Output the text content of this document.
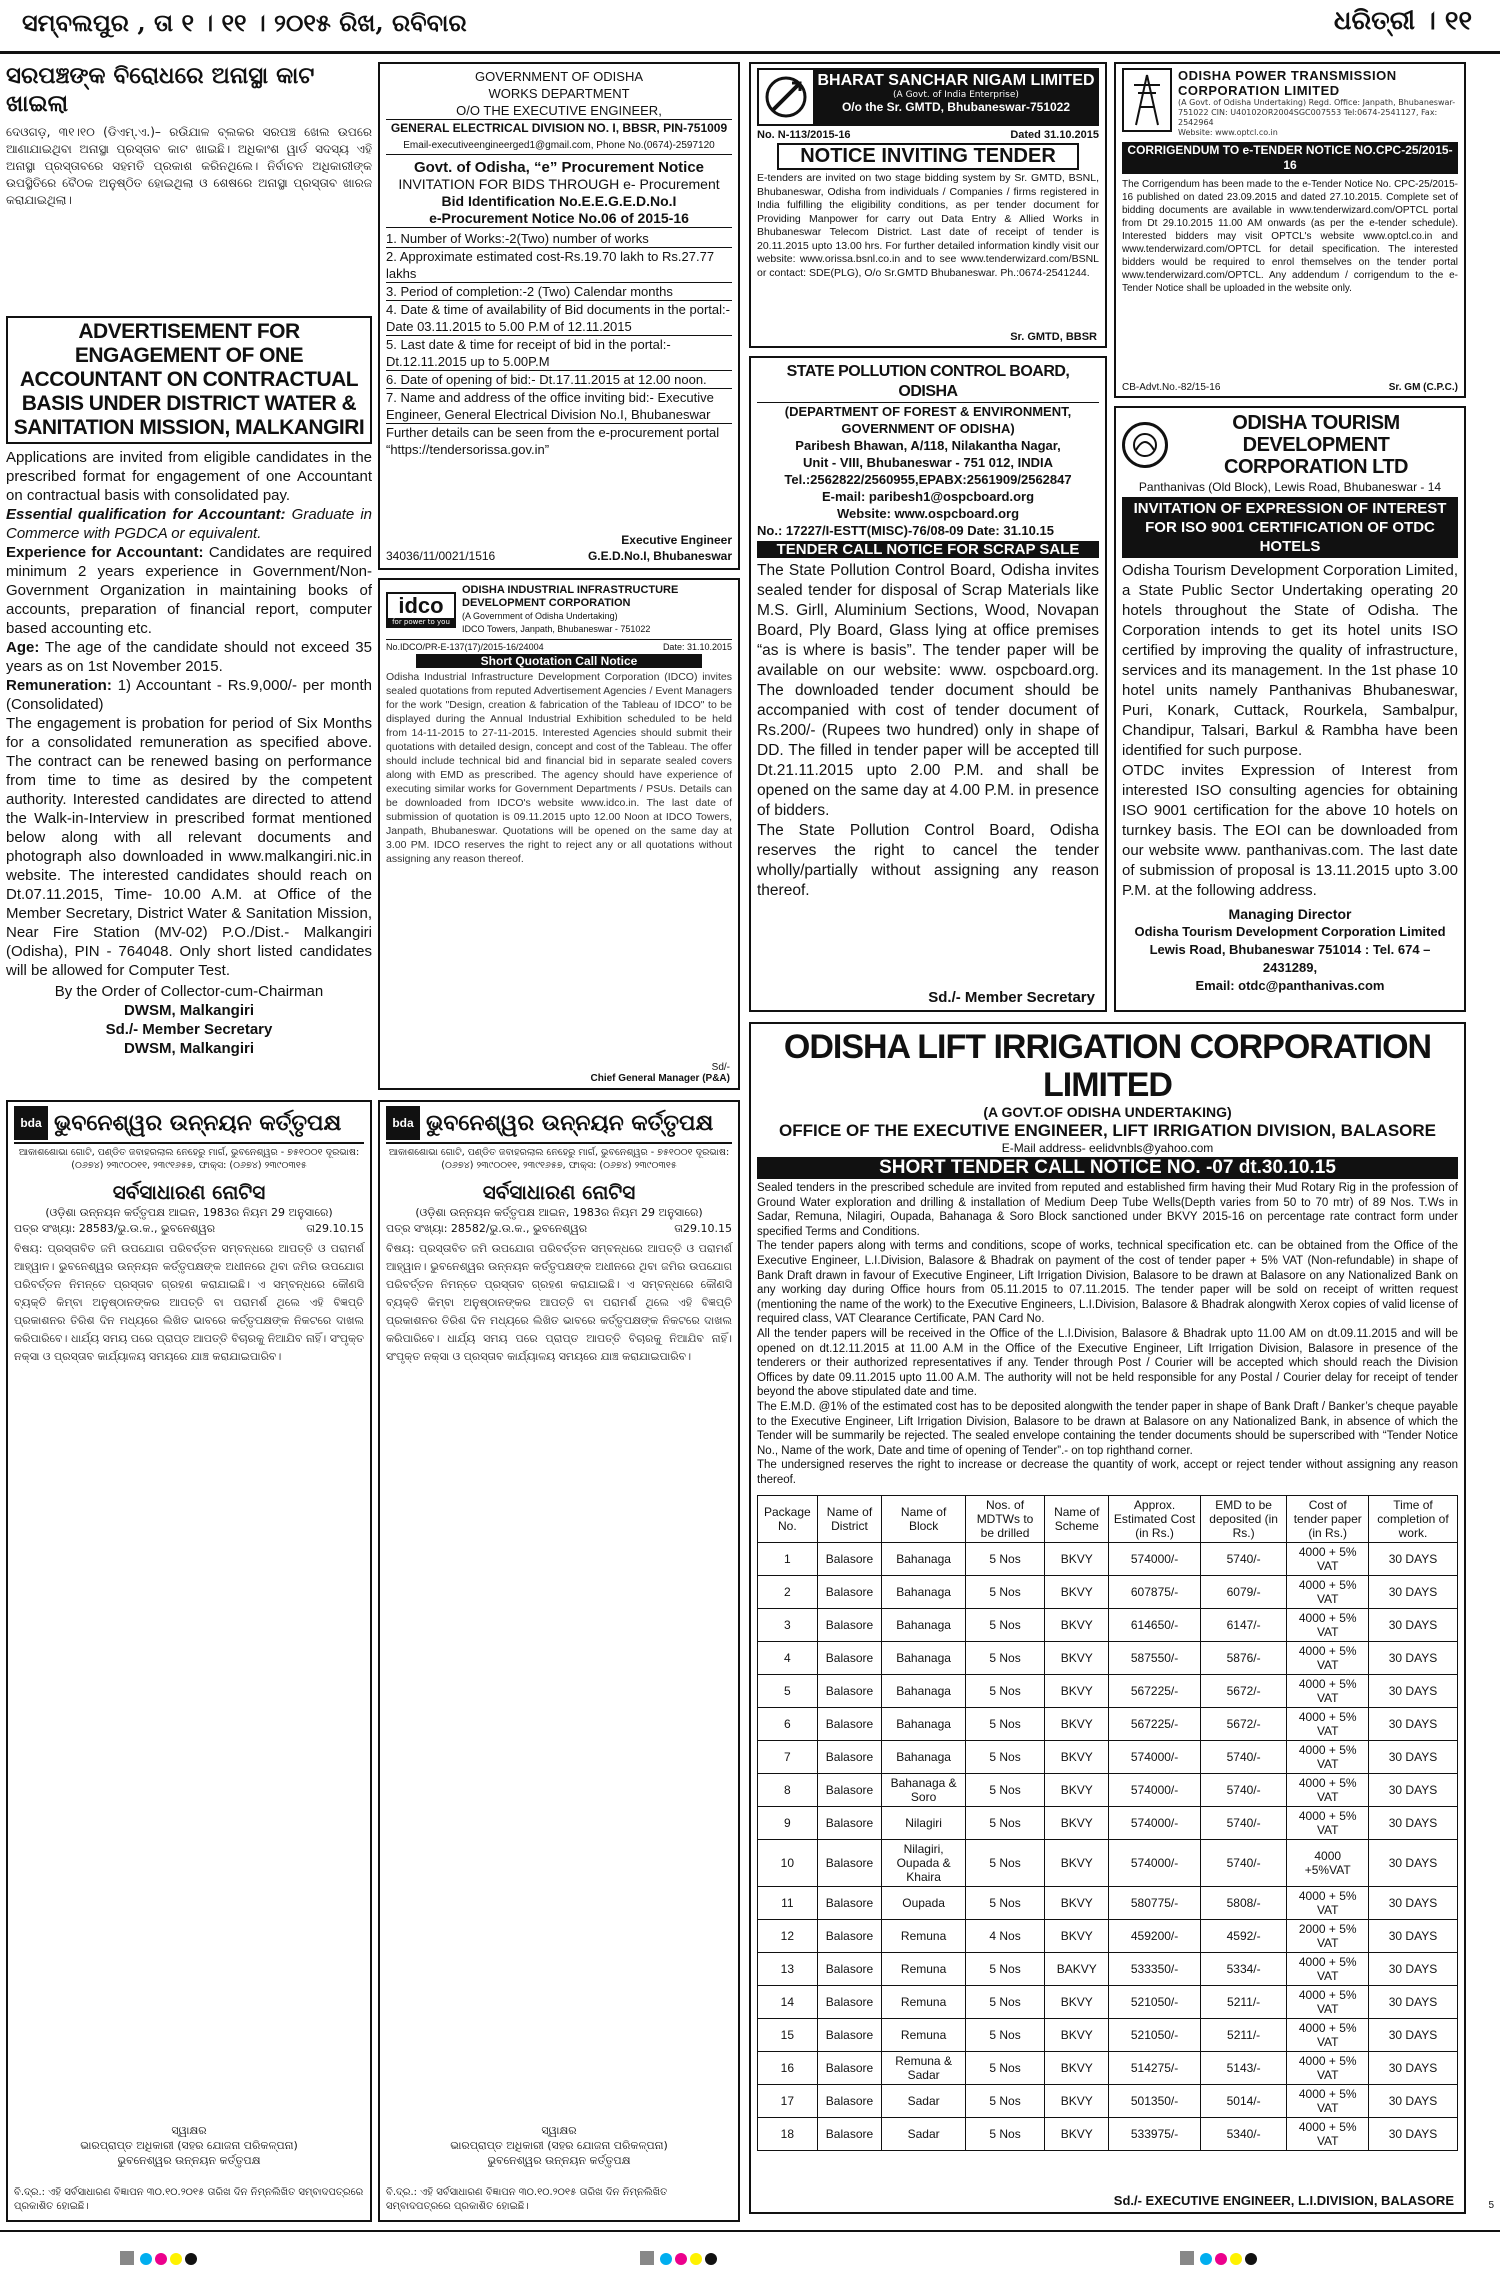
ସମ୍ବଲପୁର , ତା ୧ । ୧୧ । ୨୦୧୫ ରିଖ, ରବିବାର	ଧରିତ୍ରୀ । ୧୧
ସରପଞ୍ଚଙ୍କ ବିରୋଧରେ ଅନାସ୍ଥା କାଟ ଖାଇଲା
ଦେଓଗଡ଼, ୩୧।୧୦ (ଡିଏମ୍.ଏ.)– ରଉିଯାଳ ବ୍ଲକର ସରପଞ୍ଚ ଖେଲ ଉପରେ ଆଣାଯାଇଥିବା ଅନାସ୍ଥା ପ୍ରସ୍ତାବ କାଟ ଖାଇଛି। ଅଧିକାଂଶ ୱାର୍ଡ ସଦସ୍ୟ ଏହି ଅନାସ୍ଥା ପ୍ରସ୍ତାବରେ ସହମତି ପ୍ରକାଶ କରିନଥିଲେ। ନିର୍ବାଚନ ଅଧିକାରୀଙ୍କ ଉପସ୍ଥିତିରେ ବୈଠକ ଅନୁଷ୍ଠିତ ହୋଇଥିଲା ଓ ଶେଷରେ ଅନାସ୍ଥା ପ୍ରସ୍ତାବ ଖାରଜ କରାଯାଇଥିଲା।
ADVERTISEMENT FOR ENGAGEMENT OF ONE ACCOUNTANT ON CONTRACTUAL BASIS UNDER DISTRICT WATER & SANITATION MISSION, MALKANGIRI
Applications are invited from eligible candidates in the prescribed format for engagement of one Accountant on contractual basis with consolidated pay.
Essential qualification for Accountant: Graduate in Commerce with PGDCA or equivalent.
Experience for Accountant: Candidates are required minimum 2 years experience in Government/Non-Government Organization in maintaining books of accounts, preparation of financial report, computer based accounting etc.
Age: The age of the candidate should not exceed 35 years as on 1st November 2015.
Remuneration: 1) Accountant - Rs.9,000/- per month (Consolidated)
The engagement is probation for period of Six Months for a consolidated remuneration as specified above. The contract can be renewed basing on performance from time to time as desired by the competent authority. Interested candidates are directed to attend the Walk-in-Interview in prescribed format mentioned below along with all relevant documents and photograph also downloaded in www.malkangiri.nic.in website. The interested candidates should reach on Dt.07.11.2015, Time- 10.00 A.M. at Office of the Member Secretary, District Water & Sanitation Mission, Near Fire Station (MV-02) P.O./Dist.- Malkangiri (Odisha), PIN - 764048. Only short listed candidates will be allowed for Computer Test.
By the Order of Collector-cum-Chairman
DWSM, Malkangiri
Sd./- Member Secretary
DWSM, Malkangiri
GOVERNMENT OF ODISHA
WORKS DEPARTMENT
O/O THE EXECUTIVE ENGINEER,
GENERAL ELECTRICAL DIVISION NO. I, BBSR, PIN-751009
Email-executiveengineerged1@gmail.com, Phone No.(0674)-2597120
Govt. of Odisha, “e” Procurement Notice
INVITATION FOR BIDS THROUGH e- Procurement
Bid Identification No.E.E.G.E.D.No.I
e-Procurement Notice No.06 of 2015-16
1. Number of Works:-2(Two) number of works
2. Approximate estimated cost-Rs.19.70 lakh to Rs.27.77 lakhs
3. Period of completion:-2 (Two) Calendar months
4. Date & time of availability of Bid documents in the portal:- Date 03.11.2015 to 5.00 P.M of 12.11.2015
5. Last date & time for receipt of bid in the portal:- Dt.12.11.2015 up to 5.00P.M
6. Date of opening of bid:- Dt.17.11.2015 at 12.00 noon.
7. Name and address of the office inviting bid:- Executive Engineer, General Electrical Division No.I, Bhubaneswar
Further details can be seen from the e-procurement portal “https://tendersorissa.gov.in”
Executive Engineer
34036/11/0021/1516	G.E.D.No.I, Bhubaneswar
idco
for power to you
ODISHA INDUSTRIAL INFRASTRUCTURE
DEVELOPMENT CORPORATION
(A Government of Odisha Undertaking)
IDCO Towers, Janpath, Bhubaneswar - 751022
No.IDCO/PR-E-137(17)/2015-16/24004	Date: 31.10.2015
Short Quotation Call Notice
Odisha Industrial Infrastructure Development Corporation (IDCO) invites sealed quotations from reputed Advertisement Agencies / Event Managers for the work "Design, creation & fabrication of the Tableau of IDCO" to be displayed during the Annual Industrial Exhibition scheduled to be held from 14-11-2015 to 27-11-2015. Interested Agencies should submit their quotations with detailed design, concept and cost of the Tableau. The offer should include technical bid and financial bid in separate sealed covers along with EMD as prescribed. The agency should have experience of executing similar works for Government Departments / PSUs. Details can be downloaded from IDCO's website www.idco.in. The last date of submission of quotation is 09.11.2015 upto 12.00 Noon at IDCO Towers, Janpath, Bhubaneswar. Quotations will be opened on the same day at 3.00 PM. IDCO reserves the right to reject any or all quotations without assigning any reason thereof.
Sd/-
Chief General Manager (P&A)
BHARAT SANCHAR NIGAM LIMITED
(A Govt. of India Enterprise)
O/o the Sr. GMTD, Bhubaneswar-751022
No. N-113/2015-16	Dated 31.10.2015
NOTICE INVITING TENDER
E-tenders are invited on two stage bidding system by Sr. GMTD, BSNL, Bhubaneswar, Odisha from individuals / Companies / firms registered in India fulfilling the eligibility conditions, as per tender document for Providing Manpower for carry out Data Entry & Allied Works in Bhubaneswar Telecom District. Last date of receipt of tender is 20.11.2015 upto 13.00 hrs. For further detailed information kindly visit our website: www.orissa.bsnl.co.in and to see www.tenderwizard.com/BSNL or contact: SDE(PLG), O/o Sr.GMTD Bhubaneswar. Ph.:0674-2541244.
Sr. GMTD, BBSR
STATE POLLUTION CONTROL BOARD, ODISHA
(DEPARTMENT OF FOREST & ENVIRONMENT, GOVERNMENT OF ODISHA)
Paribesh Bhawan, A/118, Nilakantha Nagar,
Unit - VIII, Bhubaneswar - 751 012, INDIA
Tel.:2562822/2560955,EPABX:2561909/2562847
E-mail: paribesh1@ospcboard.org
Website: www.ospcboard.org
No.: 17227/I-ESTT(MISC)-76/08-09 Date: 31.10.15
TENDER CALL NOTICE FOR SCRAP SALE
The State Pollution Control Board, Odisha invites sealed tender for disposal of Scrap Materials like M.S. Girll, Aluminium Sections, Wood, Novapan Board, Ply Board, Glass lying at office premises “as is where is basis”. The tender paper will be available on our website: www. ospcboard.org. The downloaded tender document should be accompanied with cost of tender document of Rs.200/- (Rupees two hundred) only in shape of DD. The filled in tender paper will be accepted till Dt.21.11.2015 upto 2.00 P.M. and shall be opened on the same day at 4.00 P.M. in presence of bidders.
The State Pollution Control Board, Odisha reserves the right to cancel the tender wholly/partially without assigning any reason thereof.
Sd./- Member Secretary
ODISHA POWER TRANSMISSION
CORPORATION LIMITED
(A Govt. of Odisha Undertaking) Regd. Office: Janpath, Bhubaneswar-751022 CIN: U40102OR2004SGC007553 Tel:0674-2541127, Fax: 2542964
Website: www.optcl.co.in
CORRIGENDUM TO e-TENDER NOTICE NO.CPC-25/2015-16
The Corrigendum has been made to the e-Tender Notice No. CPC-25/2015-16 published on dated 23.09.2015 and dated 27.10.2015. Complete set of bidding documents are available in www.tenderwizard.com/OPTCL portal from Dt 29.10.2015 11.00 AM onwards (as per the e-tender schedule). Interested bidders may visit OPTCL's website www.optcl.co.in and www.tenderwizard.com/OPTCL for detail specification. The interested bidders would be required to enrol themselves on the tender portal www.tenderwizard.com/OPTCL. Any addendum / corrigendum to the e-Tender Notice shall be uploaded in the website only.
CB-Advt.No.-82/15-16	Sr. GM (C.P.C.)
ODISHA TOURISM DEVELOPMENT
CORPORATION LTD
Panthanivas (Old Block), Lewis Road, Bhubaneswar - 14
INVITATION OF EXPRESSION OF INTEREST FOR ISO 9001 CERTIFICATION OF OTDC HOTELS
Odisha Tourism Development Corporation Limited, a State Public Sector Undertaking operating 20 hotels throughout the State of Odisha. The Corporation intends to get its hotel units ISO certified by improving the quality of infrastructure, services and its management. In the 1st phase 10 hotel units namely Panthanivas Bhubaneswar, Puri, Konark, Cuttack, Rourkela, Sambalpur, Chandipur, Talsari, Barkul & Rambha have been identified for such purpose.
OTDC invites Expression of Interest from interested ISO consulting agencies for obtaining ISO 9001 certification for the above 10 hotels on turnkey basis. The EOI can be downloaded from our website www. panthanivas.com. The last date of submission of proposal is 13.11.2015 upto 3.00 P.M. at the following address.
Managing Director
Odisha Tourism Development Corporation Limited
Lewis Road, Bhubaneswar 751014 : Tel. 674 – 2431289,
Email: otdc@panthanivas.com
ODISHA LIFT IRRIGATION CORPORATION LIMITED
(A GOVT.OF ODISHA UNDERTAKING)
OFFICE OF THE EXECUTIVE ENGINEER, LIFT IRRIGATION DIVISION, BALASORE
E-Mail address- eelidvnbls@yahoo.com
SHORT TENDER CALL NOTICE NO. -07 dt.30.10.15
Sealed tenders in the prescribed schedule are invited from reputed and established firm having their Mud Rotary Rig in the profession of Ground Water exploration and drilling & installation of Medium Deep Tube Wells(Depth varies from 50 to 70 mtr) of 89 Nos. T.Ws in Sadar, Remuna, Nilagiri, Oupada, Bahanaga & Soro Block sanctioned under BKVY 2015-16 on percentage rate contract form under specified Terms and Conditions.
The tender papers along with terms and conditions, scope of works, technical specification etc. can be obtained from the Office of the Executive Engineer, L.I.Division, Balasore & Bhadrak on payment of the cost of tender paper + 5% VAT (Non-refundable) in shape of Bank Draft drawn in favour of Executive Engineer, Lift Irrigation Division, Balasore to be drawn at Balasore on any Nationalized Bank on any working day during Office hours from 05.11.2015 to 07.11.2015. The tender paper will be sold on receipt of written request (mentioning the name of the work) to the Executive Engineers, L.I.Division, Balasore & Bhadrak alongwith Xerox copies of valid license of required class, VAT Clearance Certificate, PAN Card No.
All the tender papers will be received in the Office of the L.I.Division, Balasore & Bhadrak upto 11.00 AM on dt.09.11.2015 and will be opened on dt.12.11.2015 at 11.00 A.M in the Office of the Executive Engineer, Lift Irrigation Division, Balasore in presence of the tenderers or their authorized representatives if any. Tender through Post / Courier will be accepted which should reach the Division Offices by date 09.11.2015 upto 11.00 A.M. The authority will not be held responsible for any Postal / Courier delay for receipt of tender beyond the above stipulated date and time.
The E.M.D. @1% of the estimated cost has to be deposited alongwith the tender paper in shape of Bank Draft / Banker’s cheque payable to the Executive Engineer, Lift Irrigation Division, Balasore to be drawn at Balasore on any Nationalized Bank, in absence of which the Tender will be summarily be rejected. The sealed envelope containing the tender documents should be superscribed with “Tender Notice No., Name of the work, Date and time of opening of Tender”.- on top righthand corner.
The undersigned reserves the right to increase or decrease the quantity of work, accept or reject tender without assigning any reason thereof.
Package No.	Name of District	Name of Block	Nos. of MDTWs to be drilled	Name of Scheme	Approx. Estimated Cost (in Rs.)	EMD to be deposited (in Rs.)	Cost of tender paper (in Rs.)	Time of completion of work.
1	Balasore	Bahanaga	5 Nos	BKVY	574000/-	5740/-	4000 + 5% VAT	30 DAYS
2	Balasore	Bahanaga	5 Nos	BKVY	607875/-	6079/-	4000 + 5% VAT	30 DAYS
3	Balasore	Bahanaga	5 Nos	BKVY	614650/-	6147/-	4000 + 5% VAT	30 DAYS
4	Balasore	Bahanaga	5 Nos	BKVY	587550/-	5876/-	4000 + 5% VAT	30 DAYS
5	Balasore	Bahanaga	5 Nos	BKVY	567225/-	5672/-	4000 + 5% VAT	30 DAYS
6	Balasore	Bahanaga	5 Nos	BKVY	567225/-	5672/-	4000 + 5% VAT	30 DAYS
7	Balasore	Bahanaga	5 Nos	BKVY	574000/-	5740/-	4000 + 5% VAT	30 DAYS
8	Balasore	Bahanaga & Soro	5 Nos	BKVY	574000/-	5740/-	4000 + 5% VAT	30 DAYS
9	Balasore	Nilagiri	5 Nos	BKVY	574000/-	5740/-	4000 + 5% VAT	30 DAYS
10	Balasore	Nilagiri, Oupada & Khaira	5 Nos	BKVY	574000/-	5740/-	4000 +5%VAT	30 DAYS
11	Balasore	Oupada	5 Nos	BKVY	580775/-	5808/-	4000 + 5% VAT	30 DAYS
12	Balasore	Remuna	4 Nos	BKVY	459200/-	4592/-	2000 + 5% VAT	30 DAYS
13	Balasore	Remuna	5 Nos	BAKVY	533350/-	5334/-	4000 + 5% VAT	30 DAYS
14	Balasore	Remuna	5 Nos	BKVY	521050/-	5211/-	4000 + 5% VAT	30 DAYS
15	Balasore	Remuna	5 Nos	BKVY	521050/-	5211/-	4000 + 5% VAT	30 DAYS
16	Balasore	Remuna & Sadar	5 Nos	BKVY	514275/-	5143/-	4000 + 5% VAT	30 DAYS
17	Balasore	Sadar	5 Nos	BKVY	501350/-	5014/-	4000 + 5% VAT	30 DAYS
18	Balasore	Sadar	5 Nos	BKVY	533975/-	5340/-	4000 + 5% VAT	30 DAYS
Sd./- EXECUTIVE ENGINEER, L.I.DIVISION, BALASORE
bda ଭୁବନେଶ୍ୱର ଉନ୍ନୟନ କର୍ତ୍ତୃପକ୍ଷ
ଆକାଶଶୋଭା ଗୋଟି, ପଣ୍ଡିତ ଜବାହରଲାଲ ନେହେରୁ ମାର୍ଗ, ଭୁବନେଶ୍ୱର - ୭୫୧୦୦୧ ଦୂରଭାଷ: (୦୬୭୪) ୨୩୯୦୦୧୧, ୨୩୯୧୬୫୭, ଫାକ୍ସ: (୦୬୭୪) ୨୩୯୦୩୧୫
ସର୍ବସାଧାରଣ ନୋଟିସ
(ଓଡ଼ିଶା ଉନ୍ନୟନ କର୍ତ୍ତୃପକ୍ଷ ଆଇନ, 1983ର ନିୟମ 29 ଅନୁସାରେ)
ପତ୍ର ସଂଖ୍ୟା: 28583/ଭୁ.ଉ.କ., ଭୁବନେଶ୍ୱର	ତା29.10.15
ବିଷୟ: ପ୍ରସ୍ତାବିତ ଜମି ଉପଯୋଗ ପରିବର୍ତ୍ତନ ସମ୍ବନ୍ଧରେ ଆପତ୍ତି ଓ ପରାମର୍ଶ ଆହ୍ୱାନ। ଭୁବନେଶ୍ୱର ଉନ୍ନୟନ କର୍ତ୍ତୃପକ୍ଷଙ୍କ ଅଧୀନରେ ଥିବା ଜମିର ଉପଯୋଗ ପରିବର୍ତ୍ତନ ନିମନ୍ତେ ପ୍ରସ୍ତାବ ଗ୍ରହଣ କରାଯାଇଛି। ଏ ସମ୍ବନ୍ଧରେ କୌଣସି ବ୍ୟକ୍ତି କିମ୍ବା ଅନୁଷ୍ଠାନଙ୍କର ଆପତ୍ତି ବା ପରାମର୍ଶ ଥିଲେ ଏହି ବିଜ୍ଞପ୍ତି ପ୍ରକାଶନର ତିରିଶ ଦିନ ମଧ୍ୟରେ ଲିଖିତ ଭାବରେ କର୍ତ୍ତୃପକ୍ଷଙ୍କ ନିକଟରେ ଦାଖଲ କରିପାରିବେ। ଧାର୍ଯ୍ୟ ସମୟ ପରେ ପ୍ରାପ୍ତ ଆପତ୍ତି ବିଚାରକୁ ନିଆଯିବ ନାହିଁ। ସଂପୃକ୍ତ ନକ୍ସା ଓ ପ୍ରସ୍ତାବ କାର୍ଯ୍ୟାଳୟ ସମୟରେ ଯାଞ୍ଚ କରାଯାଇପାରିବ।
ସ୍ୱାକ୍ଷର
ଭାରପ୍ରାପ୍ତ ଅଧିକାରୀ (ସହର ଯୋଜନା ପରିକଳ୍ପନା)
ଭୁବନେଶ୍ୱର ଉନ୍ନୟନ କର୍ତ୍ତୃପକ୍ଷ
ବି.ଦ୍ର.: ଏହି ସର୍ବସାଧାରଣ ବିଜ୍ଞାପନ ୩୦.୧୦.୨୦୧୫ ତାରିଖ ଦିନ ନିମ୍ନଲିଖିତ ସମ୍ବାଦପତ୍ରରେ ପ୍ରକାଶିତ ହୋଇଛି।
bda ଭୁବନେଶ୍ୱର ଉନ୍ନୟନ କର୍ତ୍ତୃପକ୍ଷ
ଆକାଶଶୋଭା ଗୋଟି, ପଣ୍ଡିତ ଜବାହରଲାଲ ନେହେରୁ ମାର୍ଗ, ଭୁବନେଶ୍ୱର - ୭୫୧୦୦୧ ଦୂରଭାଷ: (୦୬୭୪) ୨୩୯୦୦୧୧, ୨୩୯୧୬୫୭, ଫାକ୍ସ: (୦୬୭୪) ୨୩୯୦୩୧୫
ସର୍ବସାଧାରଣ ନୋଟିସ
(ଓଡ଼ିଶା ଉନ୍ନୟନ କର୍ତ୍ତୃପକ୍ଷ ଆଇନ, 1983ର ନିୟମ 29 ଅନୁସାରେ)
ପତ୍ର ସଂଖ୍ୟା: 28582/ଭୁ.ଉ.କ., ଭୁବନେଶ୍ୱର	ତା29.10.15
ବିଷୟ: ପ୍ରସ୍ତାବିତ ଜମି ଉପଯୋଗ ପରିବର୍ତ୍ତନ ସମ୍ବନ୍ଧରେ ଆପତ୍ତି ଓ ପରାମର୍ଶ ଆହ୍ୱାନ। ଭୁବନେଶ୍ୱର ଉନ୍ନୟନ କର୍ତ୍ତୃପକ୍ଷଙ୍କ ଅଧୀନରେ ଥିବା ଜମିର ଉପଯୋଗ ପରିବର୍ତ୍ତନ ନିମନ୍ତେ ପ୍ରସ୍ତାବ ଗ୍ରହଣ କରାଯାଇଛି। ଏ ସମ୍ବନ୍ଧରେ କୌଣସି ବ୍ୟକ୍ତି କିମ୍ବା ଅନୁଷ୍ଠାନଙ୍କର ଆପତ୍ତି ବା ପରାମର୍ଶ ଥିଲେ ଏହି ବିଜ୍ଞପ୍ତି ପ୍ରକାଶନର ତିରିଶ ଦିନ ମଧ୍ୟରେ ଲିଖିତ ଭାବରେ କର୍ତ୍ତୃପକ୍ଷଙ୍କ ନିକଟରେ ଦାଖଲ କରିପାରିବେ। ଧାର୍ଯ୍ୟ ସମୟ ପରେ ପ୍ରାପ୍ତ ଆପତ୍ତି ବିଚାରକୁ ନିଆଯିବ ନାହିଁ। ସଂପୃକ୍ତ ନକ୍ସା ଓ ପ୍ରସ୍ତାବ କାର୍ଯ୍ୟାଳୟ ସମୟରେ ଯାଞ୍ଚ କରାଯାଇପାରିବ।
ସ୍ୱାକ୍ଷର
ଭାରପ୍ରାପ୍ତ ଅଧିକାରୀ (ସହର ଯୋଜନା ପରିକଳ୍ପନା)
ଭୁବନେଶ୍ୱର ଉନ୍ନୟନ କର୍ତ୍ତୃପକ୍ଷ
ବି.ଦ୍ର.: ଏହି ସର୍ବସାଧାରଣ ବିଜ୍ଞାପନ ୩୦.୧୦.୨୦୧୫ ତାରିଖ ଦିନ ନିମ୍ନଲିଖିତ ସମ୍ବାଦପତ୍ରରେ ପ୍ରକାଶିତ ହୋଇଛି।	5
